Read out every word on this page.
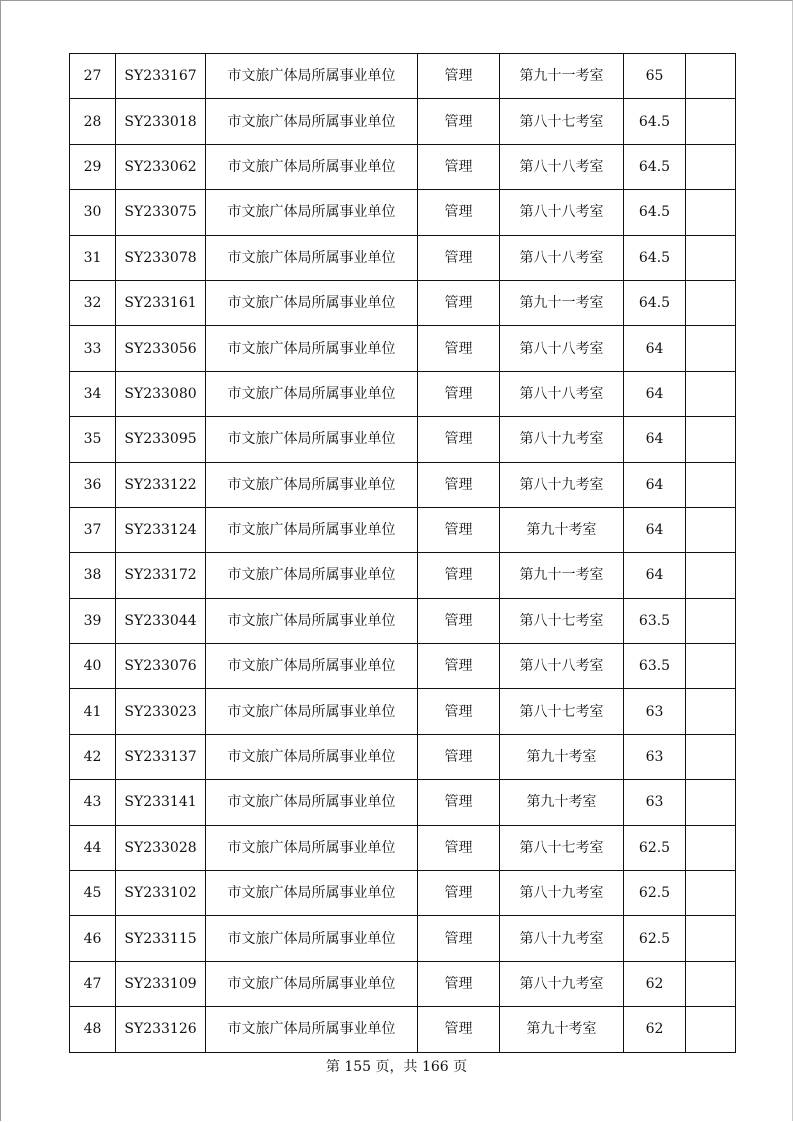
27	SY233167	市文旅广体局所属事业单位	管理	第九十一考室	65	
28	SY233018	市文旅广体局所属事业单位	管理	第八十七考室	64.5	
29	SY233062	市文旅广体局所属事业单位	管理	第八十八考室	64.5	
30	SY233075	市文旅广体局所属事业单位	管理	第八十八考室	64.5	
31	SY233078	市文旅广体局所属事业单位	管理	第八十八考室	64.5	
32	SY233161	市文旅广体局所属事业单位	管理	第九十一考室	64.5	
33	SY233056	市文旅广体局所属事业单位	管理	第八十八考室	64	
34	SY233080	市文旅广体局所属事业单位	管理	第八十八考室	64	
35	SY233095	市文旅广体局所属事业单位	管理	第八十九考室	64	
36	SY233122	市文旅广体局所属事业单位	管理	第八十九考室	64	
37	SY233124	市文旅广体局所属事业单位	管理	第九十考室	64	
38	SY233172	市文旅广体局所属事业单位	管理	第九十一考室	64	
39	SY233044	市文旅广体局所属事业单位	管理	第八十七考室	63.5	
40	SY233076	市文旅广体局所属事业单位	管理	第八十八考室	63.5	
41	SY233023	市文旅广体局所属事业单位	管理	第八十七考室	63	
42	SY233137	市文旅广体局所属事业单位	管理	第九十考室	63	
43	SY233141	市文旅广体局所属事业单位	管理	第九十考室	63	
44	SY233028	市文旅广体局所属事业单位	管理	第八十七考室	62.5	
45	SY233102	市文旅广体局所属事业单位	管理	第八十九考室	62.5	
46	SY233115	市文旅广体局所属事业单位	管理	第八十九考室	62.5	
47	SY233109	市文旅广体局所属事业单位	管理	第八十九考室	62	
48	SY233126	市文旅广体局所属事业单位	管理	第九十考室	62	
第 155 页，共 166 页
